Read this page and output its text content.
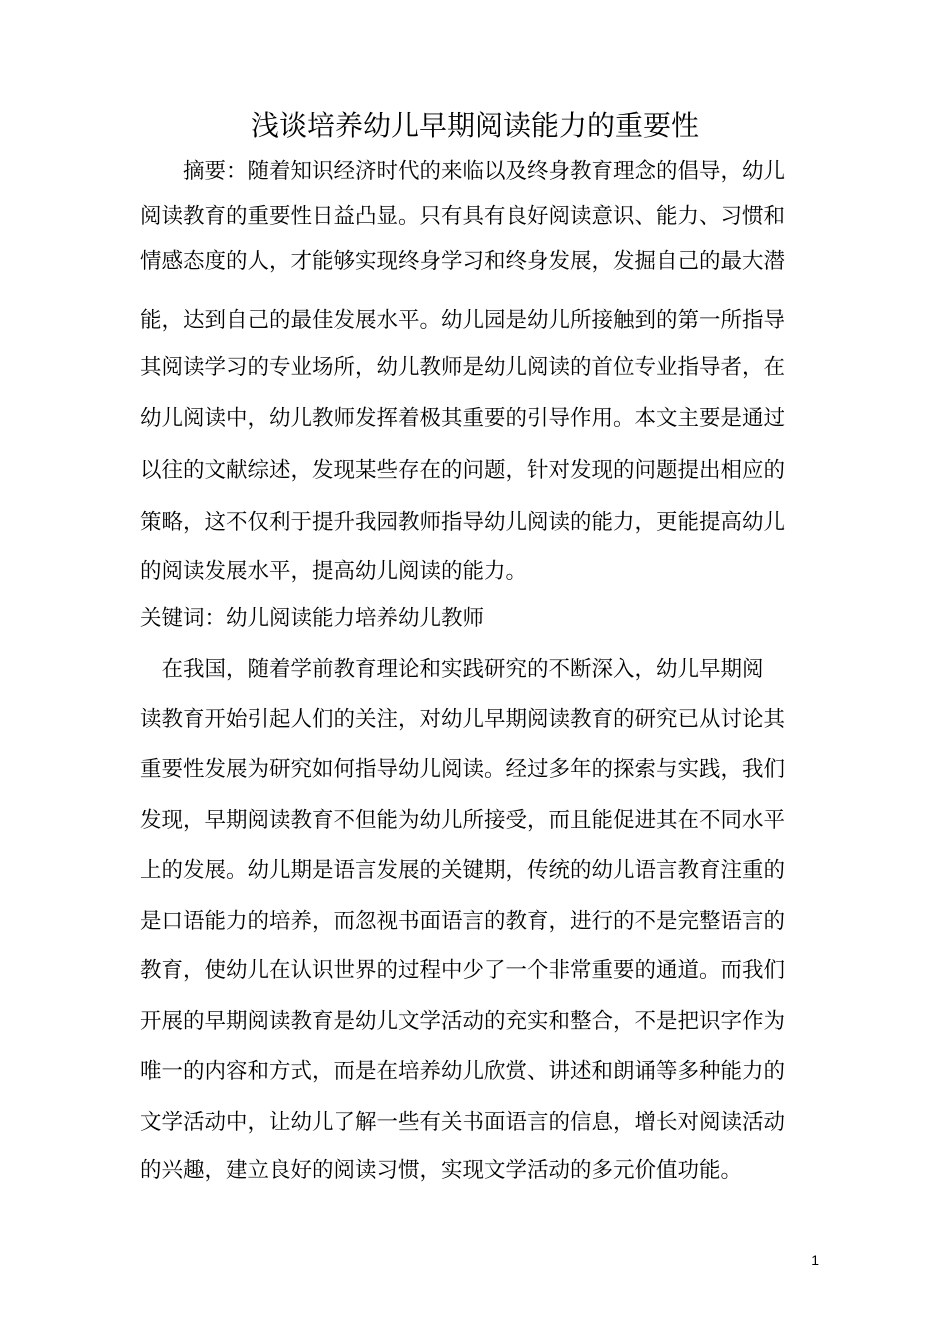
浅谈培养幼儿早期阅读能力的重要性
　　摘要：随着知识经济时代的来临以及终身教育理念的倡导，幼儿
阅读教育的重要性日益凸显。只有具有良好阅读意识、能力、习惯和
情感态度的人，才能够实现终身学习和终身发展，发掘自己的最大潜
能，达到自己的最佳发展水平。幼儿园是幼儿所接触到的第一所指导
其阅读学习的专业场所，幼儿教师是幼儿阅读的首位专业指导者，在
幼儿阅读中，幼儿教师发挥着极其重要的引导作用。本文主要是通过
以往的文献综述，发现某些存在的问题，针对发现的问题提出相应的
策略，这不仅利于提升我园教师指导幼儿阅读的能力，更能提高幼儿
的阅读发展水平，提高幼儿阅读的能力。
关键词：幼儿阅读能力培养幼儿教师
　在我国，随着学前教育理论和实践研究的不断深入，幼儿早期阅
读教育开始引起人们的关注，对幼儿早期阅读教育的研究已从讨论其
重要性发展为研究如何指导幼儿阅读。经过多年的探索与实践，我们
发现，早期阅读教育不但能为幼儿所接受，而且能促进其在不同水平
上的发展。幼儿期是语言发展的关键期，传统的幼儿语言教育注重的
是口语能力的培养，而忽视书面语言的教育，进行的不是完整语言的
教育，使幼儿在认识世界的过程中少了一个非常重要的通道。而我们
开展的早期阅读教育是幼儿文学活动的充实和整合，不是把识字作为
唯一的内容和方式，而是在培养幼儿欣赏、讲述和朗诵等多种能力的
文学活动中，让幼儿了解一些有关书面语言的信息，增长对阅读活动
的兴趣，建立良好的阅读习惯，实现文学活动的多元价值功能。
1
